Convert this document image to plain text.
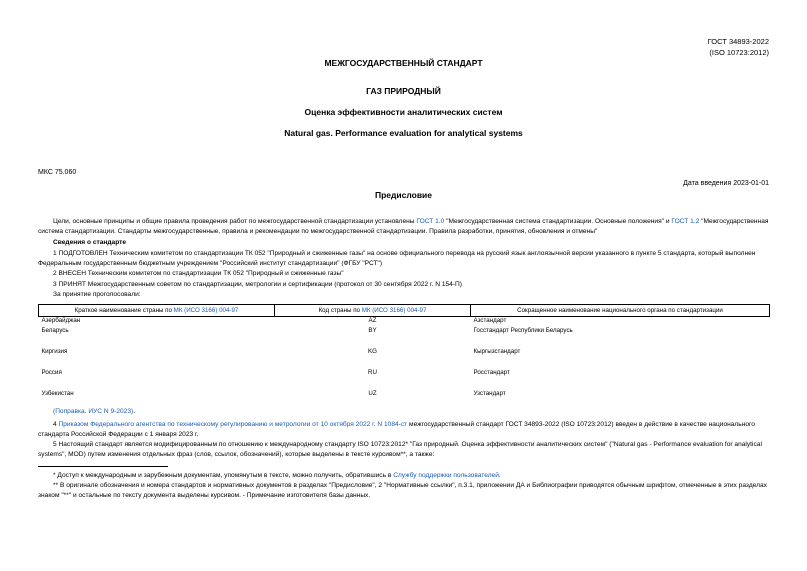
ГОСТ 34893-2022
(ISO 10723:2012)
МЕЖГОСУДАРСТВЕННЫЙ СТАНДАРТ
ГАЗ ПРИРОДНЫЙ
Оценка эффективности аналитических систем
Natural gas. Performance evaluation for analytical systems
МКС 75.060
Дата введения 2023-01-01
Предисловие
Цели, основные принципы и общие правила проведения работ по межгосударственной стандартизации установлены ГОСТ 1.0 "Межгосударственная система стандартизации. Основные положения" и ГОСТ 1.2 "Межгосударственная система стандартизации. Стандарты межгосударственные, правила и рекомендации по межгосударственной стандартизации. Правила разработки, принятия, обновления и отмены"
Сведения о стандарте
1 ПОДГОТОВЛЕН Техническим комитетом по стандартизации ТК 052 "Природный и сжиженные газы" на основе официального перевода на русский язык англоязычной версии указанного в пункте 5 стандарта, который выполнен Федеральным государственным бюджетным учреждением "Российский институт стандартизации" (ФГБУ "РСТ")
2 ВНЕСЕН Техническим комитетом по стандартизации ТК 052 "Природный и сжиженные газы"
3 ПРИНЯТ Межгосударственным советом по стандартизации, метрологии и сертификации (протокол от 30 сентября 2022 г. N 154-П)
За принятие проголосовали:
Краткое наименование страны по МК (ИСО 3166) 004-97	Код страны по МК (ИСО 3166) 004-97	Сокращенное наименование национального органа по стандартизации
Азербайджан	AZ	Азстандарт
Беларусь	BY	Госстандарт Республики Беларусь
Киргизия	KG	Кыргызстандарт
Россия	RU	Росстандарт
Узбекистан	UZ	Узстандарт
(Поправка. ИУС N 9-2023).
4 Приказом Федерального агентства по техническому регулированию и метрологии от 10 октября 2022 г. N 1084-ст межгосударственный стандарт ГОСТ 34893-2022 (ISO 10723:2012) введен в действие в качестве национального стандарта Российской Федерации с 1 января 2023 г.
5 Настоящий стандарт является модифицированным по отношению к международному стандарту ISO 10723:2012* "Газ природный. Оценка эффективности аналитических систем" ("Natural gas - Performance evaluation for analytical systems", MOD) путем изменения отдельных фраз (слов, ссылок, обозначений), которые выделены в тексте курсивом**, а также:
* Доступ к международным и зарубежным документам, упомянутым в тексте, можно получить, обратившись в Службу поддержки пользователей.
** В оригинале обозначения и номера стандартов и нормативных документов в разделах "Предисловие", 2 "Нормативные ссылки", п.3.1, приложении ДА и Библиографии приводятся обычным шрифтом, отмеченные в этих разделах знаком "**" и остальные по тексту документа выделены курсивом. - Примечание изготовителя базы данных.
